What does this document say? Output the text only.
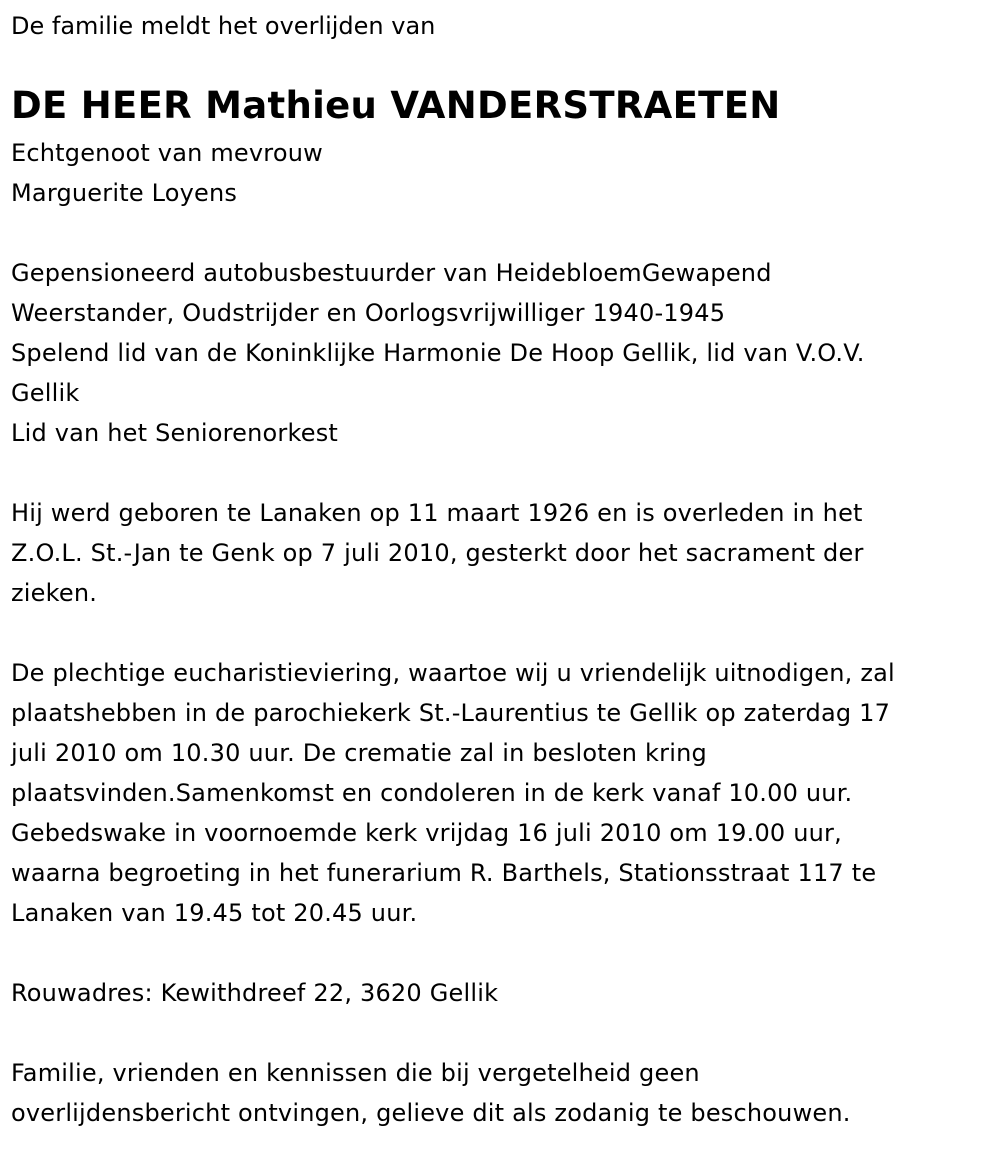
De familie meldt het overlijden van
DE HEER Mathieu VANDERSTRAETEN
Echtgenoot van mevrouw
Marguerite Loyens
Gepensioneerd autobusbestuurder van HeidebloemGewapend
Weerstander, Oudstrijder en Oorlogsvrijwilliger 1940-1945
Spelend lid van de Koninklijke Harmonie De Hoop Gellik, lid van V.O.V.
Gellik
Lid van het Seniorenorkest
Hij werd geboren te Lanaken op 11 maart 1926 en is overleden in het
Z.O.L. St.-Jan te Genk op 7 juli 2010, gesterkt door het sacrament der
zieken.
De plechtige eucharistieviering, waartoe wij u vriendelijk uitnodigen, zal
plaatshebben in de parochiekerk St.-Laurentius te Gellik op zaterdag 17
juli 2010 om 10.30 uur. De crematie zal in besloten kring
plaatsvinden.Samenkomst en condoleren in de kerk vanaf 10.00 uur.
Gebedswake in voornoemde kerk vrijdag 16 juli 2010 om 19.00 uur,
waarna begroeting in het funerarium R. Barthels, Stationsstraat 117 te
Lanaken van 19.45 tot 20.45 uur.
Rouwadres: Kewithdreef 22, 3620 Gellik
Familie, vrienden en kennissen die bij vergetelheid geen
overlijdensbericht ontvingen, gelieve dit als zodanig te beschouwen.
